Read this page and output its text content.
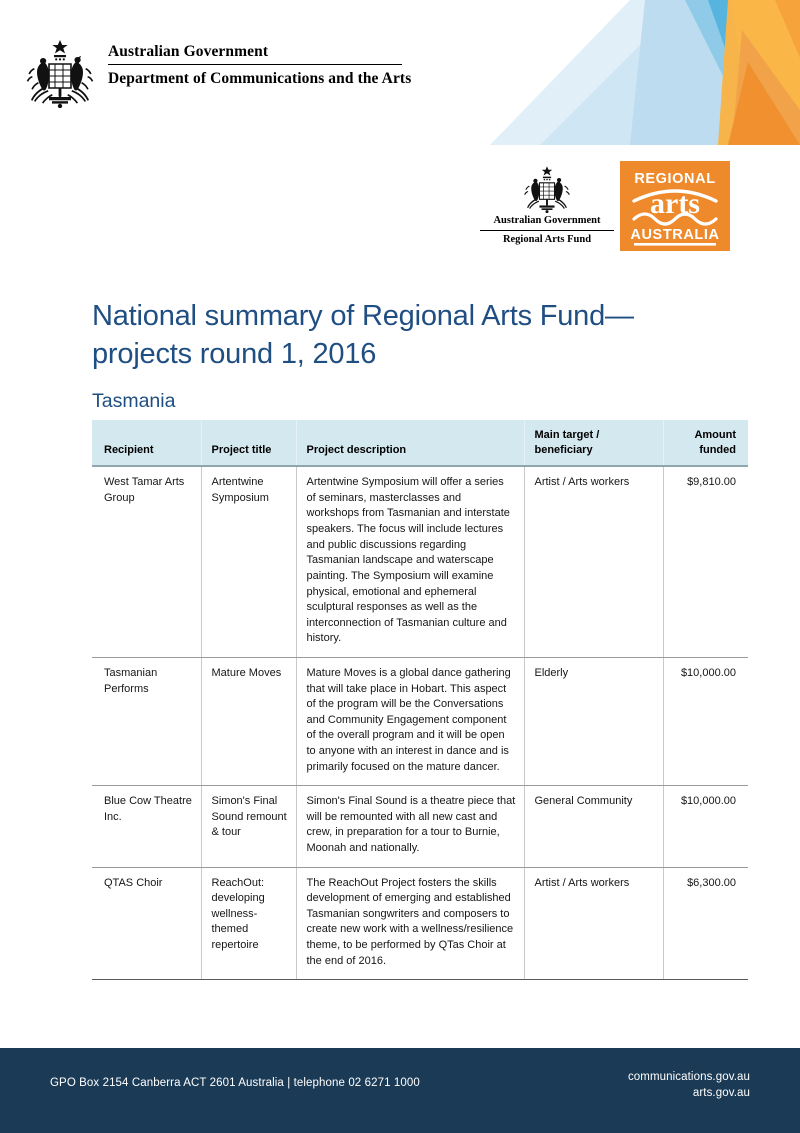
Australian Government
Department of Communications and the Arts
Australian Government
Regional Arts Fund
REGIONAL
arts
AUSTRALIA
National summary of Regional Arts Fund—projects round 1, 2016
Tasmania
Recipient	Project title	Project description	Main target / beneficiary	Amount funded
West Tamar Arts Group	Artentwine Symposium	Artentwine Symposium will offer a series of seminars, masterclasses and workshops from Tasmanian and interstate speakers. The focus will include lectures and public discussions regarding Tasmanian landscape and waterscape painting. The Symposium will examine physical, emotional and ephemeral sculptural responses as well as the interconnection of Tasmanian culture and history.	Artist / Arts workers	$9,810.00
Tasmanian Performs	Mature Moves	Mature Moves is a global dance gathering that will take place in Hobart. This aspect of the program will be the Conversations and Community Engagement component of the overall program and it will be open to anyone with an interest in dance and is primarily focused on the mature dancer.	Elderly	$10,000.00
Blue Cow Theatre Inc.	Simon's Final Sound remount & tour	Simon's Final Sound is a theatre piece that will be remounted with all new cast and crew, in preparation for a tour to Burnie, Moonah and nationally.	General Community	$10,000.00
QTAS Choir	ReachOut: developing wellness-themed repertoire	The ReachOut Project fosters the skills development of emerging and established Tasmanian songwriters and composers to create new work with a wellness/resilience theme, to be performed by QTas Choir at the end of 2016.	Artist / Arts workers	$6,300.00
GPO Box 2154 Canberra ACT 2601 Australia | telephone 02 6271 1000	communications.gov.au
arts.gov.au
